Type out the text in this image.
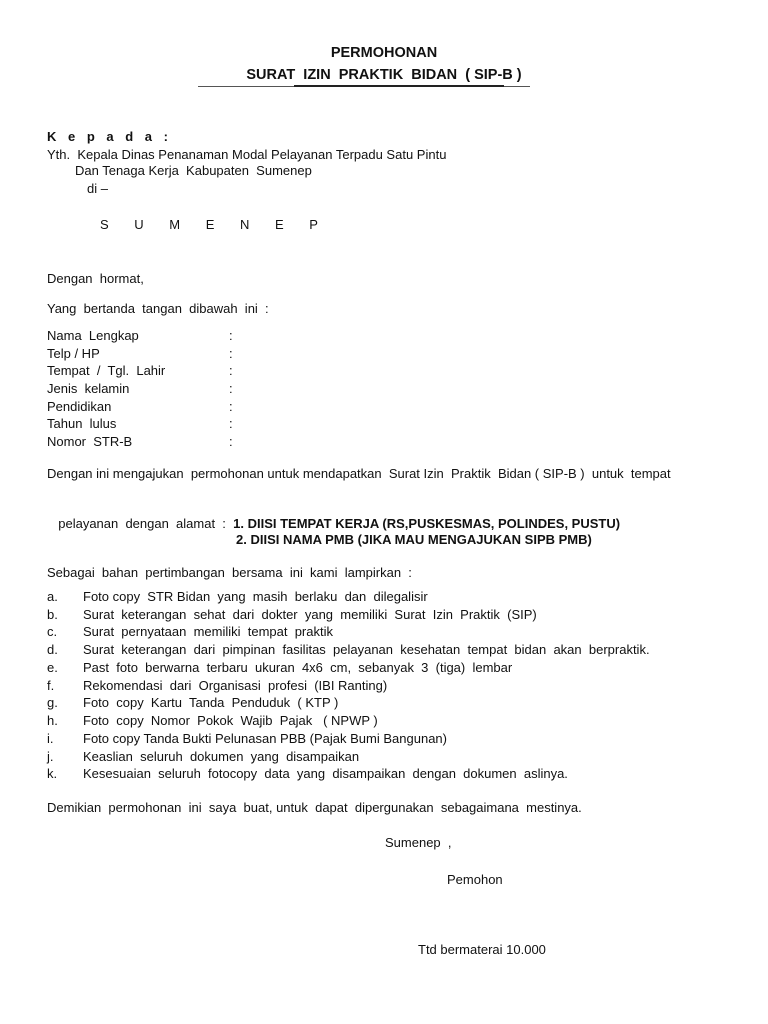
PERMOHONAN
SURAT  IZIN  PRAKTIK  BIDAN  ( SIP-B )
K e p a d a :
Yth.  Kepala Dinas Penanaman Modal Pelayanan Terpadu Satu Pintu
Dan Tenaga Kerja  Kabupaten  Sumenep
di –
S U M E N E P
Dengan  hormat,
Yang  bertanda  tangan  dibawah  ini  :
Nama  Lengkap	:
Telp / HP	:
Tempat  /  Tgl.  Lahir	:
Jenis  kelamin	:
Pendidikan	:
Tahun  lulus	:
Nomor  STR-B	:
Dengan ini mengajukan  permohonan untuk mendapatkan  Surat Izin  Praktik  Bidan ( SIP-B )  untuk  tempat

pelayanan  dengan  alamat  :  1. DIISI TEMPAT KERJA (RS,PUSKESMAS, POLINDES, PUSTU)

2. DIISI NAMA PMB (JIKA MAU MENGAJUKAN SIPB PMB)
Sebagai  bahan  pertimbangan  bersama  ini  kami  lampirkan  :
a. Foto copy  STR Bidan  yang  masih  berlaku  dan  dilegalisir
b. Surat  keterangan  sehat  dari  dokter  yang  memiliki  Surat  Izin  Praktik  (SIP)
c. Surat  pernyataan  memiliki  tempat  praktik
d. Surat  keterangan  dari  pimpinan  fasilitas  pelayanan  kesehatan  tempat  bidan  akan  berpraktik.
e. Past  foto  berwarna  terbaru  ukuran  4x6  cm,  sebanyak  3  (tiga)  lembar
f. Rekomendasi  dari  Organisasi  profesi  (IBI Ranting)
g. Foto  copy  Kartu  Tanda  Penduduk  ( KTP )
h. Foto  copy  Nomor  Pokok  Wajib  Pajak   ( NPWP )
i. Foto copy Tanda Bukti Pelunasan PBB (Pajak Bumi Bangunan)
j. Keaslian  seluruh  dokumen  yang  disampaikan
k. Kesesuaian  seluruh  fotocopy  data  yang  disampaikan  dengan  dokumen  aslinya.
Demikian  permohonan  ini  saya  buat, untuk  dapat  dipergunakan  sebagaimana  mestinya.
Sumenep  ,
Pemohon
Ttd bermaterai 10.000
